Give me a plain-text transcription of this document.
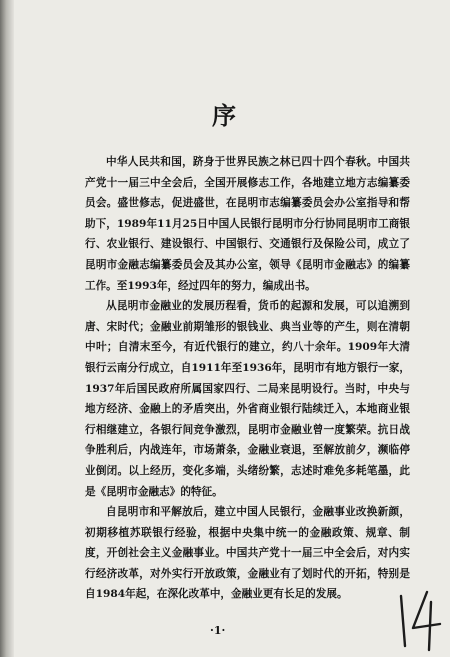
序

中华人民共和国，跻身于世界民族之林已四十四个春秋。中国共产党十一届三中全会后，全国开展修志工作，各地建立地方志编纂委员会。盛世修志，促进盛世，在昆明市志编纂委员会办公室指导和帮助下，1989年11月25日中国人民银行昆明市分行协同昆明市工商银行、农业银行、建设银行、中国银行、交通银行及保险公司，成立了昆明市金融志编纂委员会及其办公室，领导《昆明市金融志》的编纂工作。至1993年，经过四年的努力，编成出书。

从昆明市金融业的发展历程看，货币的起源和发展，可以追溯到唐、宋时代；金融业前期雏形的银钱业、典当业等的产生，则在清朝中叶；自清末至今，有近代银行的建立，约八十余年。1909年大清银行云南分行成立，自1911年至1936年，昆明市有地方银行一家，1937年后国民政府所属国家四行、二局来昆明设行。当时，中央与地方经济、金融上的矛盾突出，外省商业银行陆续迁入，本地商业银行相继建立，各银行间竞争激烈，昆明市金融业曾一度繁荣。抗日战争胜利后，内战连年，市场萧条，金融业衰退，至解放前夕，濒临停业倒闭。以上经历，变化多端，头绪纷繁，志述时难免多耗笔墨，此是《昆明市金融志》的特征。

自昆明市和平解放后，建立中国人民银行，金融事业改换新颜，初期移植苏联银行经验，根据中央集中统一的金融政策、规章、制度，开创社会主义金融事业。中国共产党十一届三中全会后，对内实行经济改革，对外实行开放政策，金融业有了划时代的开拓，特别是自1984年起，在深化改革中，金融业更有长足的发展。

·1·
